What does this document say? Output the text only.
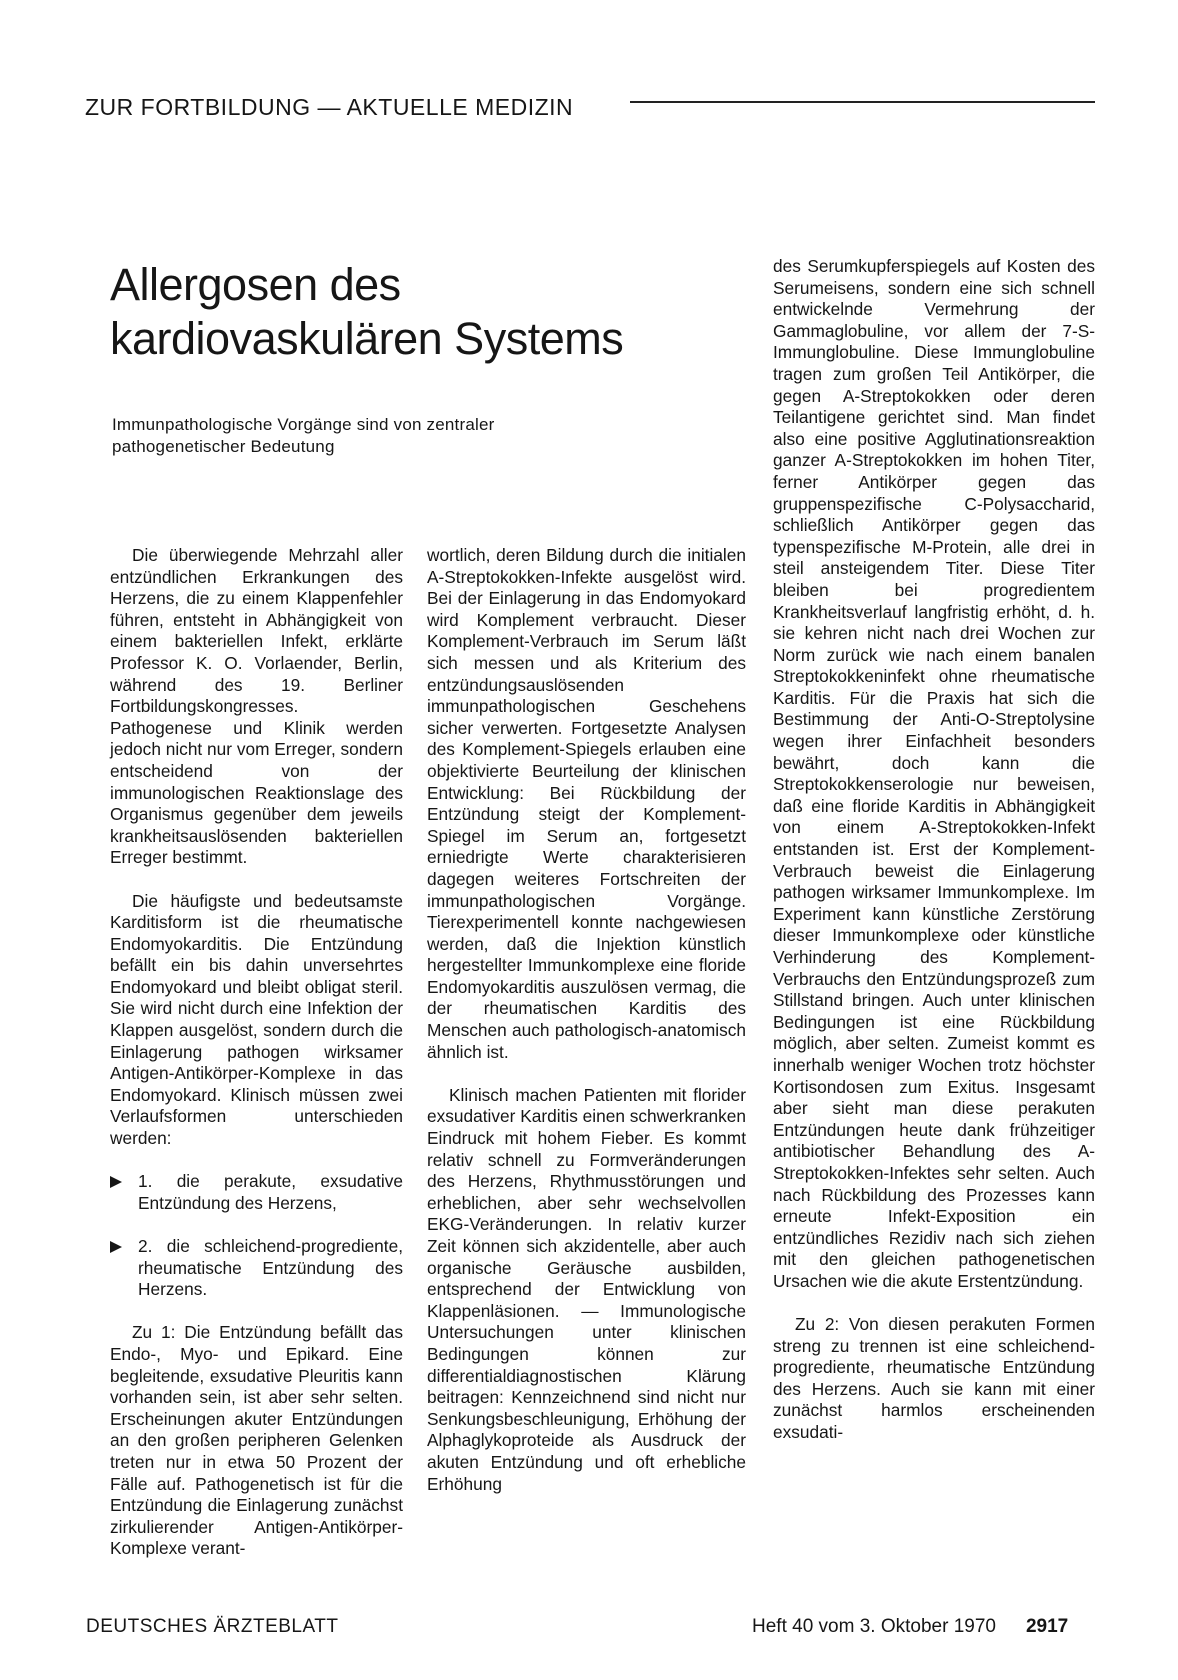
ZUR FORTBILDUNG — AKTUELLE MEDIZIN
Allergosen des
kardiovaskulären Systems

Immunpathologische Vorgänge sind von zentraler pathogenetischer Bedeutung

Die überwiegende Mehrzahl aller entzündlichen Erkrankungen des Herzens, die zu einem Klappenfehler führen, entsteht in Abhängigkeit von einem bakteriellen Infekt, erklärte Professor K. O. Vorlaender, Berlin, während des 19. Berliner Fortbildungskongresses. Pathogenese und Klinik werden jedoch nicht nur vom Erreger, sondern entscheidend von der immunologischen Reaktionslage des Organismus gegenüber dem jeweils krankheitsauslösenden bakteriellen Erreger bestimmt.

Die häufigste und bedeutsamste Karditisform ist die rheumatische Endomyokarditis. Die Entzündung befällt ein bis dahin unversehrtes Endomyokard und bleibt obligat steril. Sie wird nicht durch eine Infektion der Klappen ausgelöst, sondern durch die Einlagerung pathogen wirksamer Antigen-Antikörper-Komplexe in das Endomyokard. Klinisch müssen zwei Verlaufsformen unterschieden werden:

1. die perakute, exsudative Entzündung des Herzens,
2. die schleichend-progrediente, rheumatische Entzündung des Herzens.

Zu 1: Die Entzündung befällt das Endo-, Myo- und Epikard. Eine begleitende, exsudative Pleuritis kann vorhanden sein, ist aber sehr selten. Erscheinungen akuter Entzündungen an den großen peripheren Gelenken treten nur in etwa 50 Prozent der Fälle auf. Pathogenetisch ist für die Entzündung die Einlagerung zunächst zirkulierender Antigen-Antikörper-Komplexe verant-

wortlich, deren Bildung durch die initialen A-Streptokokken-Infekte ausgelöst wird. Bei der Einlagerung in das Endomyokard wird Komplement verbraucht. Dieser Komplement-Verbrauch im Serum läßt sich messen und als Kriterium des entzündungsauslösenden immunpathologischen Geschehens sicher verwerten. Fortgesetzte Analysen des Komplement-Spiegels erlauben eine objektivierte Beurteilung der klinischen Entwicklung: Bei Rückbildung der Entzündung steigt der Komplement-Spiegel im Serum an, fortgesetzt erniedrigte Werte charakterisieren dagegen weiteres Fortschreiten der immunpathologischen Vorgänge. Tierexperimentell konnte nachgewiesen werden, daß die Injektion künstlich hergestellter Immunkomplexe eine floride Endomyokarditis auszulösen vermag, die der rheumatischen Karditis des Menschen auch pathologisch-anatomisch ähnlich ist.

Klinisch machen Patienten mit florider exsudativer Karditis einen schwerkranken Eindruck mit hohem Fieber. Es kommt relativ schnell zu Formveränderungen des Herzens, Rhythmusstörungen und erheblichen, aber sehr wechselvollen EKG-Veränderungen. In relativ kurzer Zeit können sich akzidentelle, aber auch organische Geräusche ausbilden, entsprechend der Entwicklung von Klappenläsionen. — Immunologische Untersuchungen unter klinischen Bedingungen können zur differentialdiagnostischen Klärung beitragen: Kennzeichnend sind nicht nur Senkungsbeschleunigung, Erhöhung der Alphaglykoproteide als Ausdruck der akuten Entzündung und oft erhebliche Erhöhung

des Serumkupferspiegels auf Kosten des Serumeisens, sondern eine sich schnell entwickelnde Vermehrung der Gammaglobuline, vor allem der 7-S-Immunglobuline. Diese Immunglobuline tragen zum großen Teil Antikörper, die gegen A-Streptokokken oder deren Teilantigene gerichtet sind. Man findet also eine positive Agglutinationsreaktion ganzer A-Streptokokken im hohen Titer, ferner Antikörper gegen das gruppenspezifische C-Polysaccharid, schließlich Antikörper gegen das typenspezifische M-Protein, alle drei in steil ansteigendem Titer. Diese Titer bleiben bei progredientem Krankheitsverlauf langfristig erhöht, d. h. sie kehren nicht nach drei Wochen zur Norm zurück wie nach einem banalen Streptokokkeninfekt ohne rheumatische Karditis. Für die Praxis hat sich die Bestimmung der Anti-O-Streptolysine wegen ihrer Einfachheit besonders bewährt, doch kann die Streptokokkenserologie nur beweisen, daß eine floride Karditis in Abhängigkeit von einem A-Streptokokken-Infekt entstanden ist. Erst der Komplement-Verbrauch beweist die Einlagerung pathogen wirksamer Immunkomplexe. Im Experiment kann künstliche Zerstörung dieser Immunkomplexe oder künstliche Verhinderung des Komplement-Verbrauchs den Entzündungsprozeß zum Stillstand bringen. Auch unter klinischen Bedingungen ist eine Rückbildung möglich, aber selten. Zumeist kommt es innerhalb weniger Wochen trotz höchster Kortisondosen zum Exitus. Insgesamt aber sieht man diese perakuten Entzündungen heute dank frühzeitiger antibiotischer Behandlung des A-Streptokokken-Infektes sehr selten. Auch nach Rückbildung des Prozesses kann erneute Infekt-Exposition ein entzündliches Rezidiv nach sich ziehen mit den gleichen pathogenetischen Ursachen wie die akute Erstentzündung.

Zu 2: Von diesen perakuten Formen streng zu trennen ist eine schleichend-progrediente, rheumatische Entzündung des Herzens. Auch sie kann mit einer zunächst harmlos erscheinenden exsudati-

DEUTSCHES ÄRZTEBLATT	Heft 40 vom 3. Oktober 1970 2917
